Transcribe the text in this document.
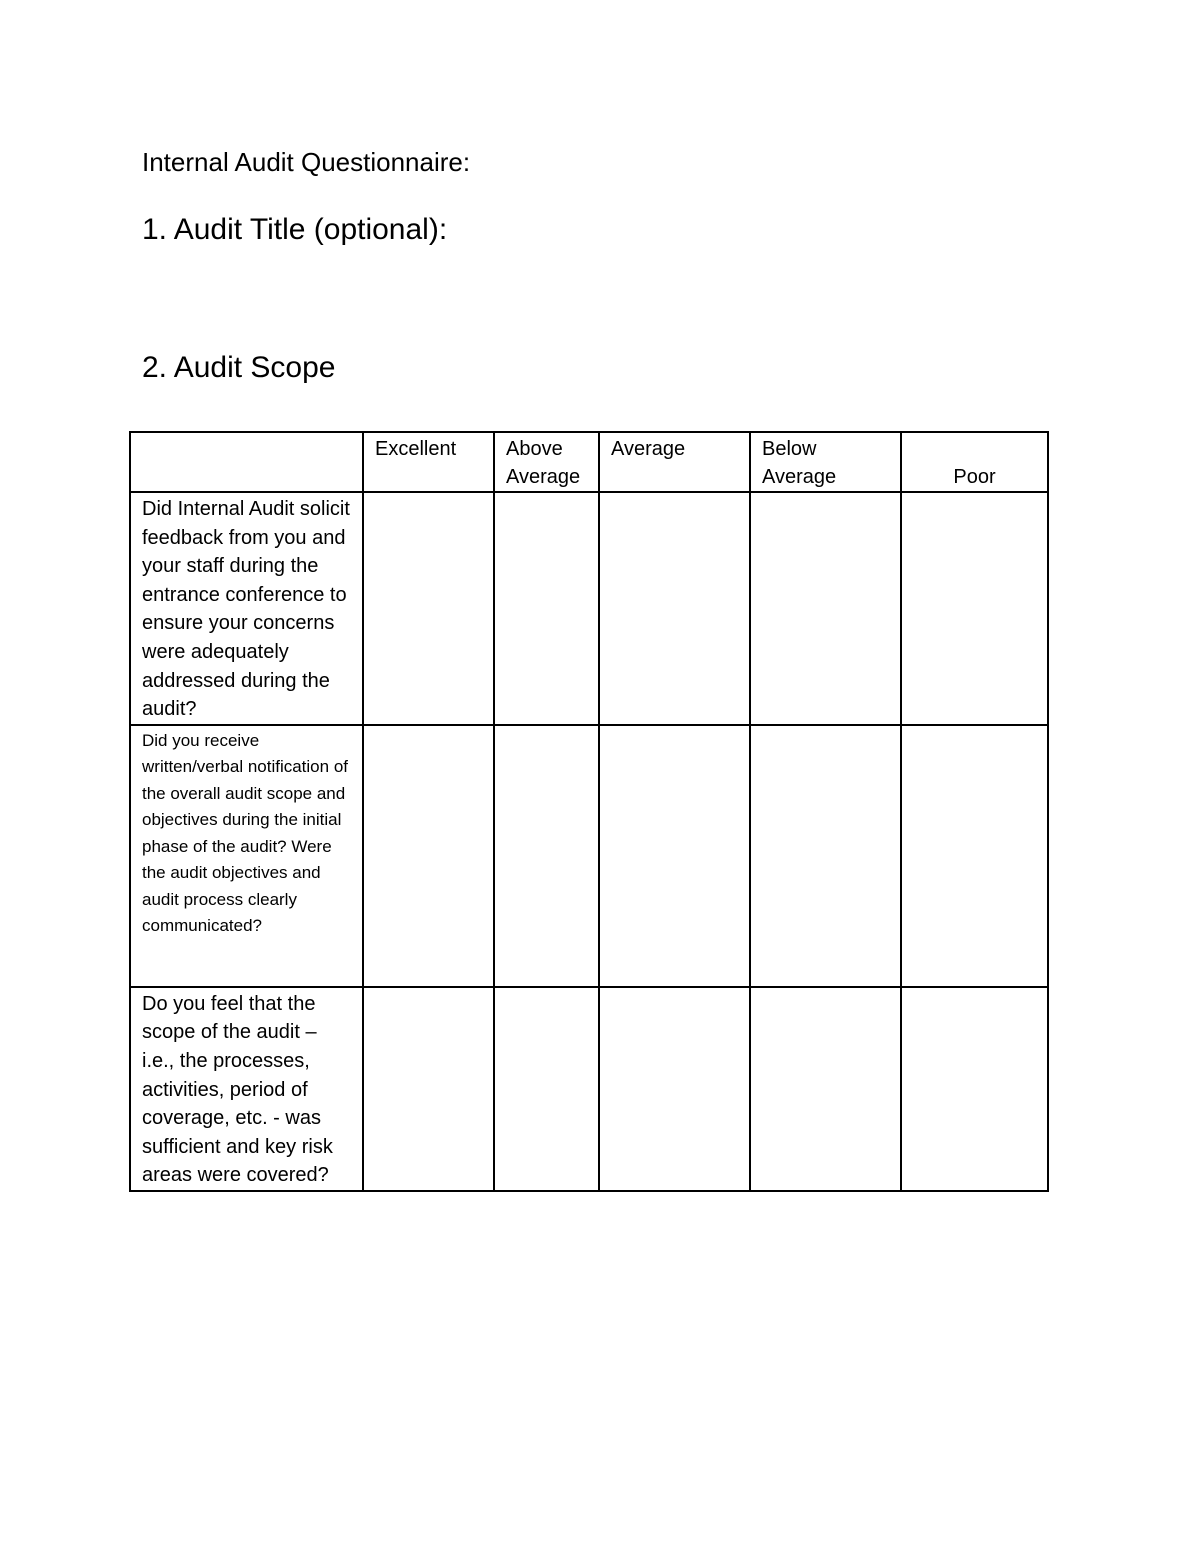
Internal Audit Questionnaire:
1. Audit Title (optional):
2. Audit Scope
	Excellent	Above Average	Average	Below Average	Poor
Did Internal Audit solicit feedback from you and your staff during the entrance conference to ensure your concerns were adequately addressed during the audit?					
Did you receive written/verbal notification of the overall audit scope and objectives during the initial phase of the audit? Were the audit objectives and audit process clearly communicated?					
Do you feel that the scope of the audit – i.e., the processes, activities, period of coverage, etc. - was sufficient and key risk areas were covered?					
